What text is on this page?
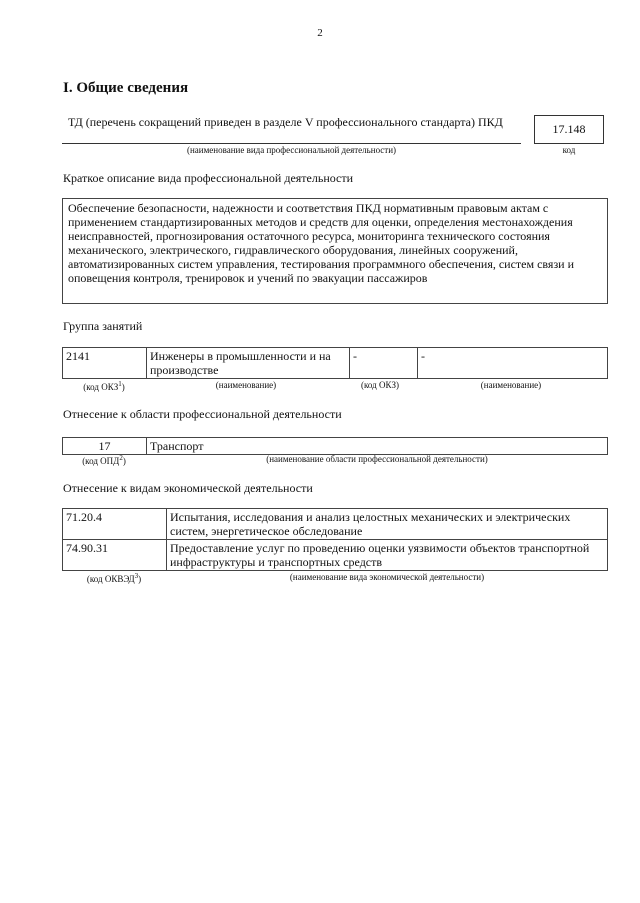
2
I. Общие сведения
ТД (перечень сокращений приведен в разделе V профессионального стандарта) ПКД	17.148
(наименование вида профессиональной деятельности)	код
Краткое описание вида профессиональной деятельности
Обеспечение безопасности, надежности и соответствия ПКД нормативным правовым актам с применением стандартизированных методов и средств для оценки, определения местонахождения неисправностей, прогнозирования остаточного ресурса, мониторинга технического состояния механического, электрического, гидравлического оборудования, линейных сооружений, автоматизированных систем управления, тестирования программного обеспечения, систем связи и оповещения контроля, тренировок и учений по эвакуации пассажиров
Группа занятий
2141	Инженеры в промышленности и на производстве	-	-
(код ОКЗ$^1$)	(наименование)	(код ОКЗ)	(наименование)
Отнесение к области профессиональной деятельности
17	Транспорт
(код ОПД$^2$)	(наименование области профессиональной деятельности)
Отнесение к видам экономической деятельности
71.20.4	Испытания, исследования и анализ целостных механических и электрических систем, энергетическое обследование
74.90.31	Предоставление услуг по проведению оценки уязвимости объектов транспортной инфраструктуры и транспортных средств
(код ОКВЭД$^3$)	(наименование вида экономической деятельности)
